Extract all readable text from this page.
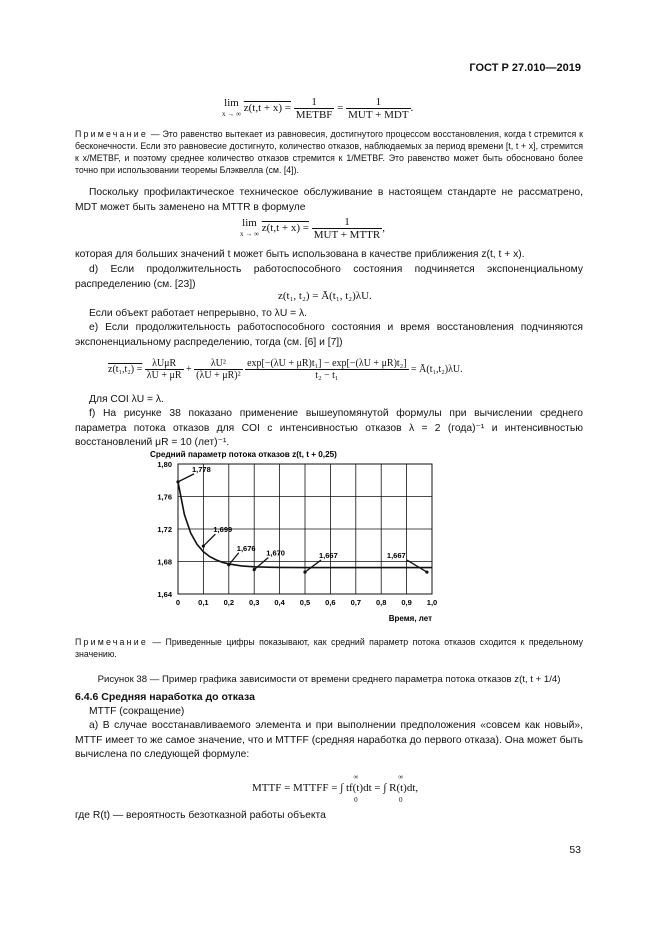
ГОСТ Р 27.010—2019
lim
x → ∞ $z(t,t + x) = \frac{1}{\text{METBF}} = \frac{1}{\text{MUT + MDT}}$ .
Примечание — Это равенство вытекает из равновесия, достигнутого процессом восстановления, когда t стремится к бесконечности. Если это равновесие достигнуто, количество отказов, наблюдаемых за период времени [t, t + x], стремится к x/METBF, и поэтому среднее количество отказов стремится к 1/METBF. Это равенство может быть обосновано более точно при использовании теоремы Блэквелла (см. [4]).
Поскольку профилактическое техническое обслуживание в настоящем стандарте не рассматрено, MDT может быть заменено на MTTR в формуле
lim
x → ∞ $z(t,t + x) = \frac{1}{\text{MUT + MTTR}}$ ,
которая для больших значений t может быть использована в качестве приближения z(t, t + x).
d) Если продолжительность работоспособного состояния подчиняется экспоненциальному распределению (см. [23])
z(t₁, t₂) = Ā(t₁, t₂)λU.
Если объект работает непрерывно, то λU = λ.
e) Если продолжительность работоспособного состояния и время восстановления подчиняются экспоненциальному распределению, тогда (см. [6] и [7])
$z(t_1,t_2) = \frac{\text{λUμR}}{\lambda U + \mu R} + \frac{\text{λU²}}{\text{(λU + μR)²}}$
$\frac{\text{exp[−(λU + μR)t₁] − exp[−(λU + μR)t₂]}}{\text{t₂ − t₁}}$ = Ā(t₁,t₂)λU.
Для COI λU = λ.
f) На рисунке 38 показано применение вышеупомянутой формулы при вычислении среднего параметра потока отказов для COI с интенсивностью отказов λ = 2 (года)⁻¹ и интенсивностью восстановлений μR = 10 (лет)⁻¹.
Средний параметр потока отказов z(t, t + 0,25)
1,64
1,68
1,72
1,76
1,80
0 0,1 0,2 0,3 0,4 0,5 0,6 0,7 0,8 0,9 1,0
1,778
1,699
1,676
1,670	1,667	1,667
Время, лет
Примечание — Приведенные цифры показывают, как средний параметр потока отказов сходится к предельному значению.
Рисунок 38 — Пример графика зависимости от времени среднего параметра потока отказов z(t, t + 1/4)
6.4.6 Средняя наработка до отказа
MTTF (сокращение)
a) В случае восстанавливаемого элемента и при выполнении предположения «совсем как новый», MTTF имеет то же самое значение, что и MTTFF (средняя наработка до первого отказа). Она может быть вычислена по следующей формуле:
MTTF = MTTFF =
∞
∫ tf(t)dt
0
=
∞
∫ R(t)dt,
0
где R(t) — вероятность безотказной работы объекта
53
